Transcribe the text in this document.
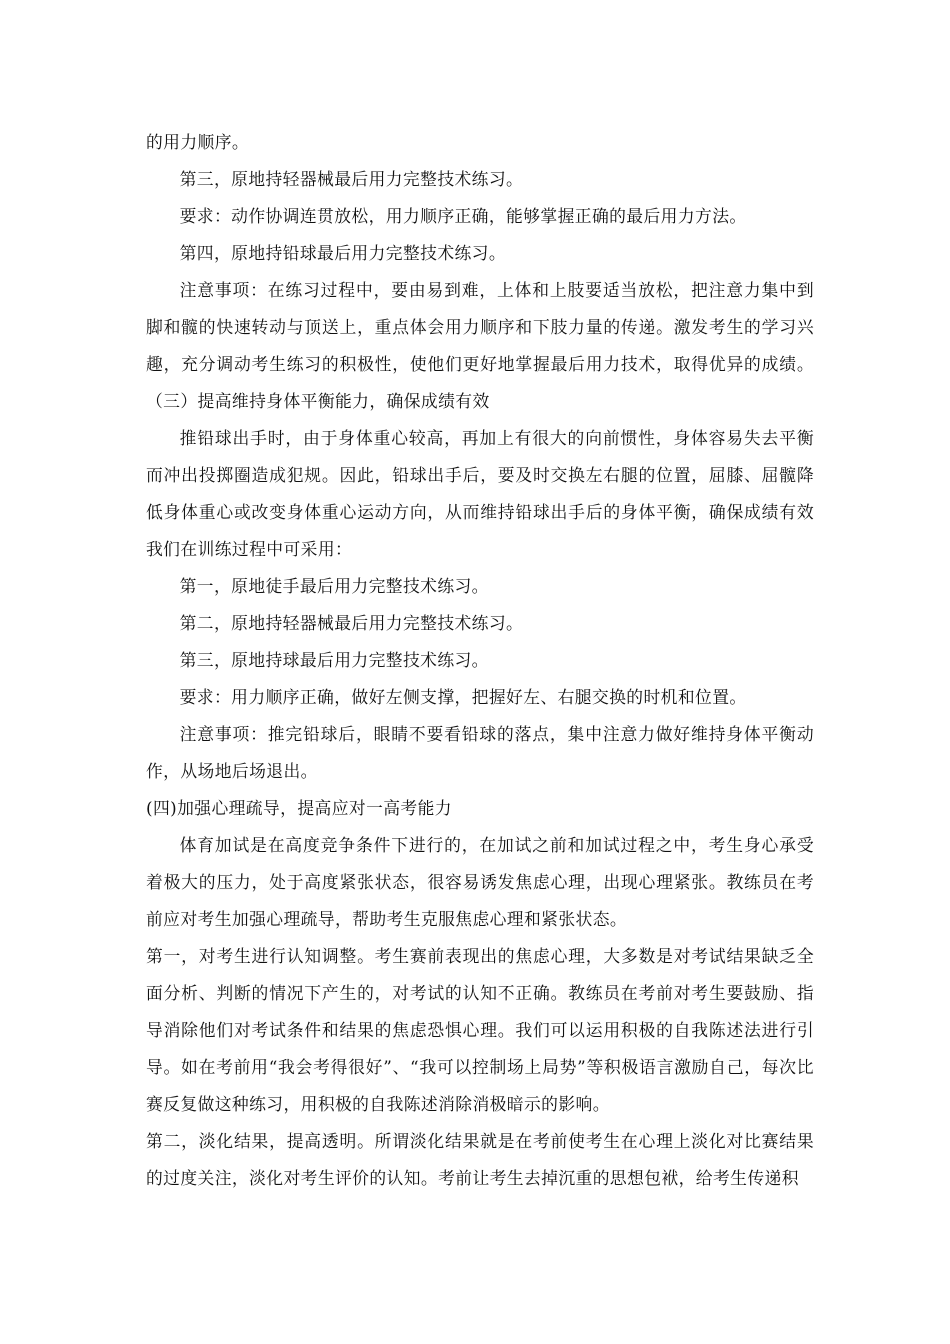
的用力顺序。

第三，原地持轻器械最后用力完整技术练习。

要求：动作协调连贯放松，用力顺序正确，能够掌握正确的最后用力方法。

第四，原地持铅球最后用力完整技术练习。

注意事项：在练习过程中，要由易到难，上体和上肢要适当放松，把注意力集中到脚和髋的快速转动与顶送上，重点体会用力顺序和下肢力量的传递。激发考生的学习兴趣，充分调动考生练习的积极性，使他们更好地掌握最后用力技术，取得优异的成绩。（三）提高维持身体平衡能力，确保成绩有效

推铅球出手时，由于身体重心较高，再加上有很大的向前惯性，身体容易失去平衡而冲出投掷圈造成犯规。因此，铅球出手后，要及时交换左右腿的位置，屈膝、屈髋降低身体重心或改变身体重心运动方向，从而维持铅球出手后的身体平衡，确保成绩有效我们在训练过程中可采用：

第一，原地徒手最后用力完整技术练习。

第二，原地持轻器械最后用力完整技术练习。

第三，原地持球最后用力完整技术练习。

要求：用力顺序正确，做好左侧支撑，把握好左、右腿交换的时机和位置。

注意事项：推完铅球后，眼睛不要看铅球的落点，集中注意力做好维持身体平衡动作，从场地后场退出。

(四)加强心理疏导，提高应对一高考能力

体育加试是在高度竞争条件下进行的，在加试之前和加试过程之中，考生身心承受着极大的压力，处于高度紧张状态，很容易诱发焦虑心理，出现心理紧张。教练员在考前应对考生加强心理疏导，帮助考生克服焦虑心理和紧张状态。

第一，对考生进行认知调整。考生赛前表现出的焦虑心理，大多数是对考试结果缺乏全面分析、判断的情况下产生的，对考试的认知不正确。教练员在考前对考生要鼓励、指导消除他们对考试条件和结果的焦虑恐惧心理。我们可以运用积极的自我陈述法进行引导。如在考前用“我会考得很好”、“我可以控制场上局势”等积极语言激励自己，每次比赛反复做这种练习，用积极的自我陈述消除消极暗示的影响。

第二，淡化结果，提高透明。所谓淡化结果就是在考前使考生在心理上淡化对比赛结果的过度关注，淡化对考生评价的认知。考前让考生去掉沉重的思想包袱，给考生传递积
